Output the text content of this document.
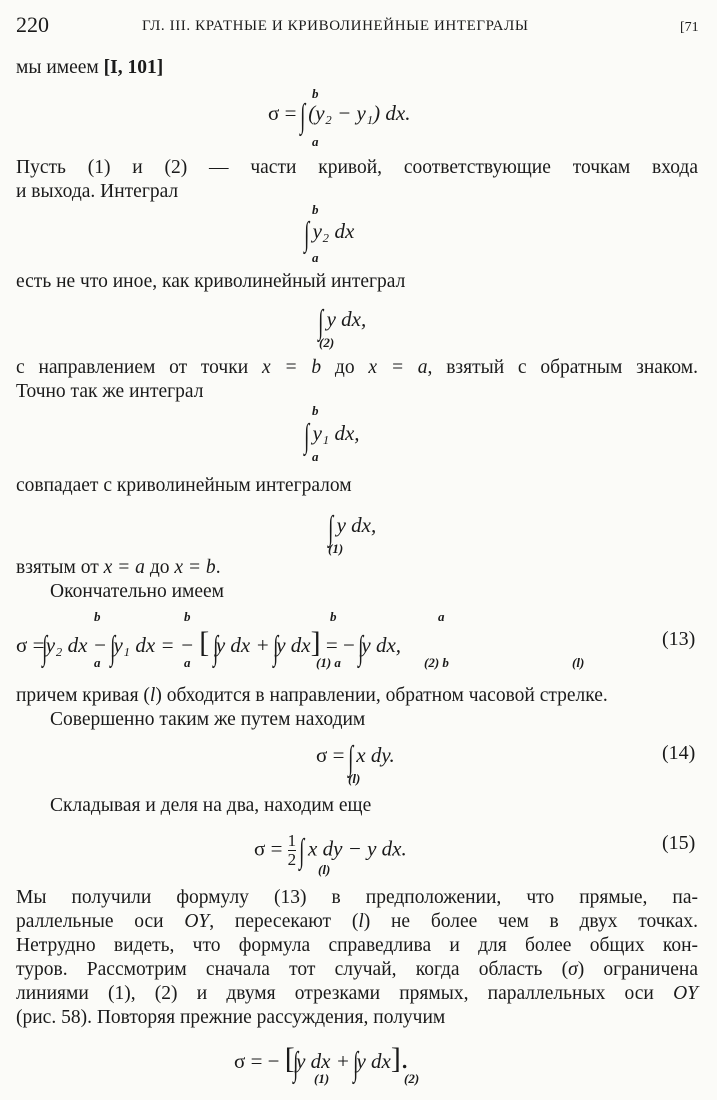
220	ГЛ. III. КРАТНЫЕ И КРИВОЛИНЕЙНЫЕ ИНТЕГРАЛЫ	[71
мы имеем [I, 101]
σ = ∫ (y₂ − y₁) dx.
b
a
Пусть (1) и (2) — части кривой, соответствующие точкам входа
и выхода. Интеграл
∫ y₂ dx
b
a
есть не что иное, как криволинейный интеграл
∫ y dx,
(2)
с направлением от точки x = b до x = a, взятый с обратным знаком.
Точно так же интеграл
∫ y₁ dx,
b
a
совпадает с криволинейным интегралом
∫ y dx,
(1)
взятым от x = a до x = b.
Окончательно имеем
σ =∫y₂ dx − ∫y₁ dx = − [ ∫y dx + ∫y dx] = − ∫y dx,
b
a
b
a
b
(1) a
a
(2) b	(l)
(13)
причем кривая (l) обходится в направлении, обратном часовой стрелке.
Совершенно таким же путем находим
σ = ∫ x dy.
(l)
(14)
Складывая и деля на два, находим еще
$\sigma = \frac{1}{2}$ ∫ x dy − y dx.
(l)
(15)
Мы получили формулу (13) в предположении, что прямые, па-
раллельные оси OY, пересекают (l) не более чем в двух точках.
Нетрудно видеть, что формула справедлива и для более общих кон-
туров. Рассмотрим сначала тот случай, когда область (σ) ограничена
линиями (1), (2) и двумя отрезками прямых, параллельных оси OY
(рис. 58). Повторяя прежние рассуждения, получим
σ = − [∫y dx + ∫y dx].
(1)	(2)
